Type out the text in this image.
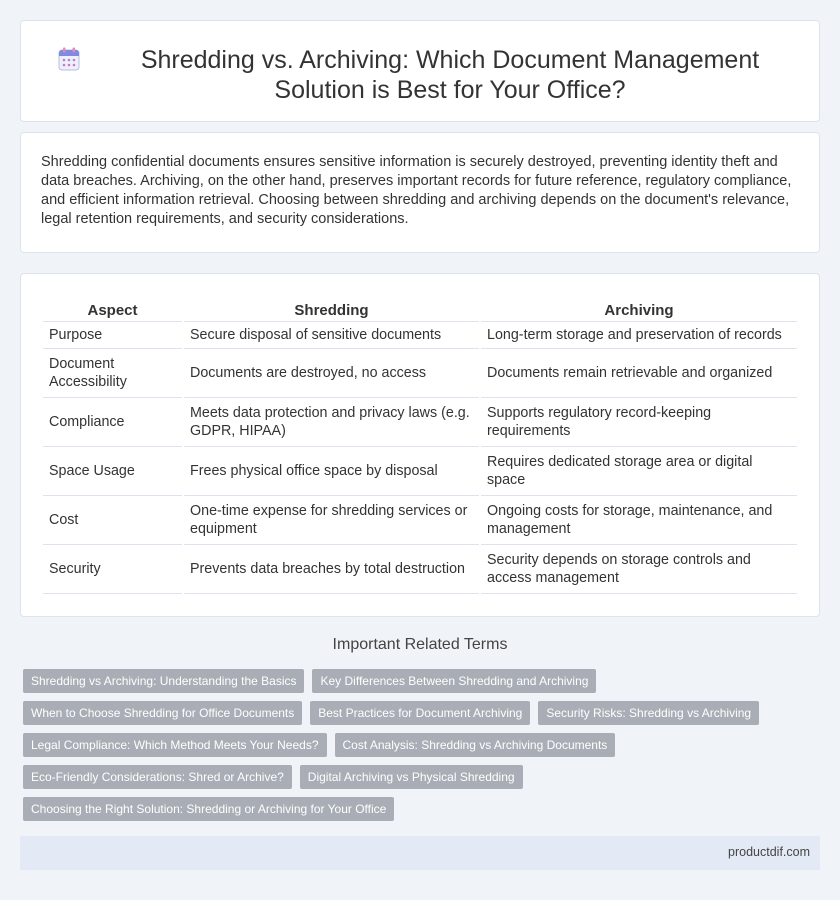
Shredding vs. Archiving: Which Document Management Solution is Best for Your Office?

Shredding confidential documents ensures sensitive information is securely destroyed, preventing identity theft and data breaches. Archiving, on the other hand, preserves important records for future reference, regulatory compliance, and efficient information retrieval. Choosing between shredding and archiving depends on the document's relevance, legal retention requirements, and security considerations.

Aspect	Shredding	Archiving
Purpose	Secure disposal of sensitive documents	Long-term storage and preservation of records
Document Accessibility	Documents are destroyed, no access	Documents remain retrievable and organized
Compliance	Meets data protection and privacy laws (e.g. GDPR, HIPAA)	Supports regulatory record-keeping requirements
Space Usage	Frees physical office space by disposal	Requires dedicated storage area or digital space
Cost	One-time expense for shredding services or equipment	Ongoing costs for storage, maintenance, and management
Security	Prevents data breaches by total destruction	Security depends on storage controls and access management
Important Related Terms
Shredding vs Archiving: Understanding the Basics	Key Differences Between Shredding and Archiving
When to Choose Shredding for Office Documents	Best Practices for Document Archiving	Security Risks: Shredding vs Archiving
Legal Compliance: Which Method Meets Your Needs?	Cost Analysis: Shredding vs Archiving Documents
Eco-Friendly Considerations: Shred or Archive?	Digital Archiving vs Physical Shredding
Choosing the Right Solution: Shredding or Archiving for Your Office
productdif.com
